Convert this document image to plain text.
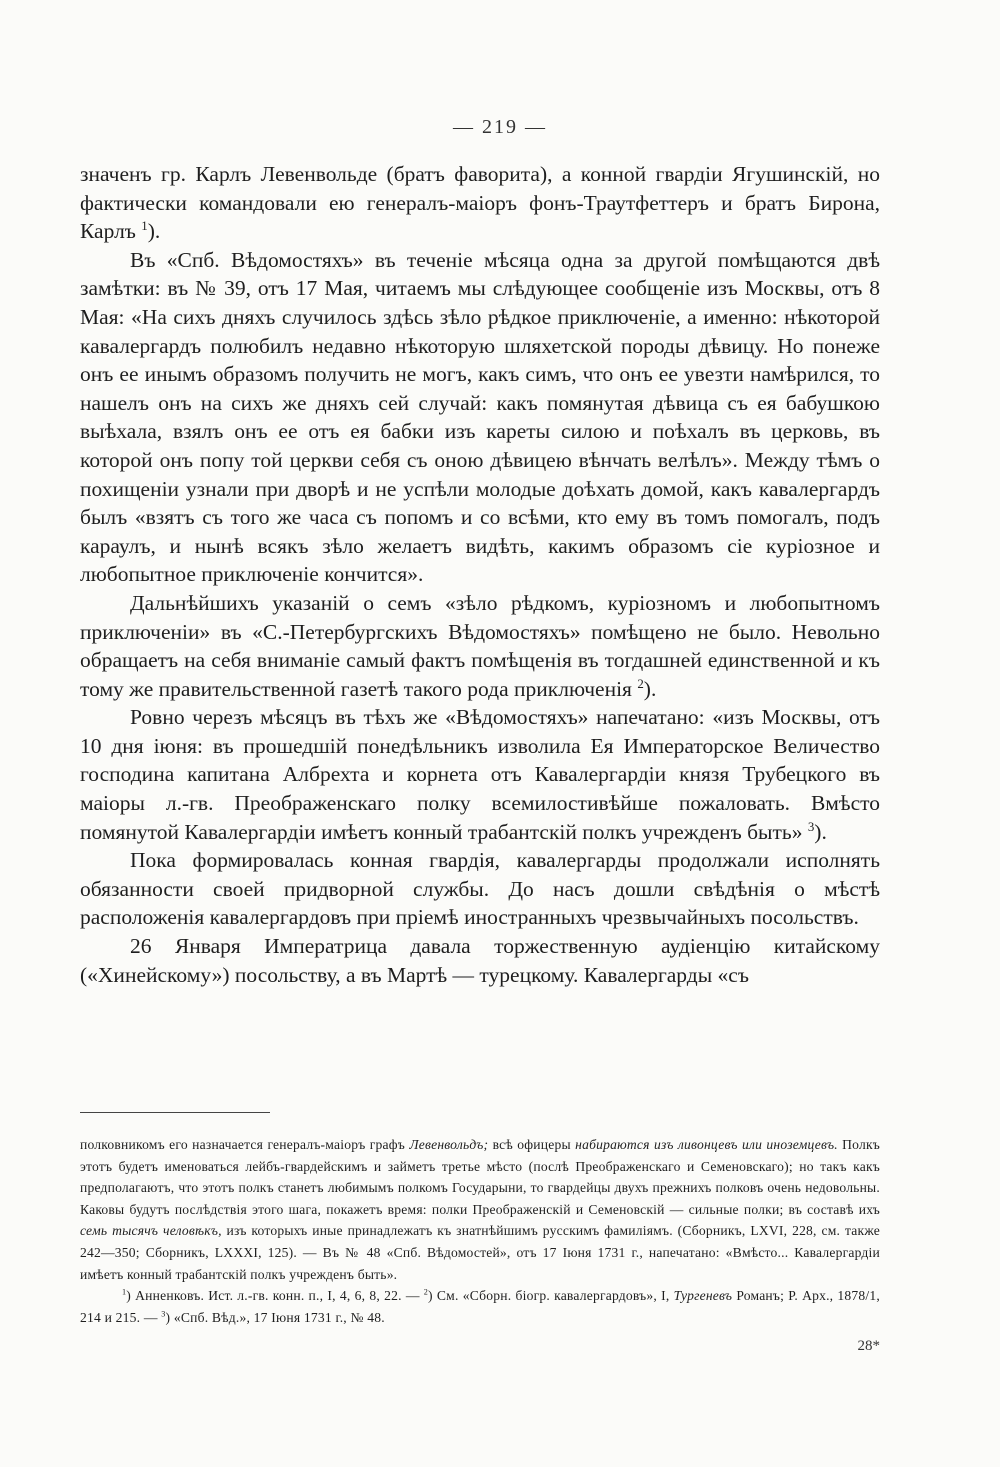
— 219 —

значенъ гр. Карлъ Левенвольде (братъ фаворита), а конной гвардiи Ягушинскiй, но фактически командовали ею генералъ-маiоръ фонъ-Траутфеттеръ и братъ Бирона, Карлъ $^1$).

Въ «Спб. Вѣдомостяхъ» въ теченiе мѣсяца одна за другой помѣщаются двѣ замѣтки: въ № 39, отъ 17 Мая, читаемъ мы слѣдующее сообщенiе изъ Москвы, отъ 8 Мая: «На сихъ дняхъ случилось здѣсь зѣло рѣдкое приключенiе, а именно: нѣкоторой кавалергардъ полюбилъ недавно нѣкоторую шляхетской породы дѣвицу. Но понеже онъ ее инымъ образомъ получить не могъ, какъ симъ, что онъ ее увезти намѣрился, то нашелъ онъ на сихъ же дняхъ сей случай: какъ помянутая дѣвица съ ея бабушкою выѣхала, взялъ онъ ее отъ ея бабки изъ кареты силою и поѣхалъ въ церковь, въ которой онъ попу той церкви себя съ оною дѣвицею вѣнчать велѣлъ». Между тѣмъ о похищенiи узнали при дворѣ и не успѣли молодые доѣхать домой, какъ кавалергардъ былъ «взятъ съ того же часа съ попомъ и со всѣми, кто ему въ томъ помогалъ, подъ караулъ, и нынѣ всякъ зѣло желаетъ видѣть, какимъ образомъ сiе курiозное и любопытное приключенiе кончится».

Дальнѣйшихъ указанiй о семъ «зѣло рѣдкомъ, курiозномъ и любопытномъ приключенiи» въ «С.-Петербургскихъ Вѣдомостяхъ» помѣщено не было. Невольно обращаетъ на себя вниманiе самый фактъ помѣщенiя въ тогдашней единственной и къ тому же правительственной газетѣ такого рода приключенiя $^2$).

Ровно черезъ мѣсяцъ въ тѣхъ же «Вѣдомостяхъ» напечатано: «изъ Москвы, отъ 10 дня iюня: въ прошедшiй понедѣльникъ изволила Ея Императорское Величество господина капитана Албрехта и корнета отъ Кавалергардiи князя Трубецкого въ маiоры л.-гв. Преображенскаго полку всемилостивѣйше пожаловать. Вмѣсто помянутой Кавалергардiи имѣетъ конный трабантскiй полкъ учрежденъ быть» $^3$).

Пока формировалась конная гвардiя, кавалергарды продолжали исполнять обязанности своей придворной службы. До насъ дошли свѣдѣнiя о мѣстѣ расположенiя кавалергардовъ при прiемѣ иностранныхъ чрезвычайныхъ посольствъ.

26 Января Императрица давала торжественную аудiенцiю китайскому («Хинейскому») посольству, а въ Мартѣ — турецкому. Кавалергарды «съ

полковникомъ его назначается генералъ-маiоръ графъ Левенвольдъ; всѣ офицеры набираются изъ ливонцевъ или иноземцевъ. Полкъ этотъ будетъ именоваться лейбъ-гвардейскимъ и займетъ третье мѣсто (послѣ Преображенскаго и Семеновскаго); но такъ какъ предполагаютъ, что этотъ полкъ станетъ любимымъ полкомъ Государыни, то гвардейцы двухъ прежнихъ полковъ очень недовольны. Каковы будутъ послѣдствiя этого шага, покажетъ время: полки Преображенскiй и Семеновскiй — сильные полки; въ составѣ ихъ семь тысячъ человѣкъ, изъ которыхъ иные принадлежатъ къ знатнѣйшимъ русскимъ фамилiямъ. (Сборникъ, LXVI, 228, см. также 242—350; Сборникъ, LXXXI, 125). — Въ № 48 «Спб. Вѣдомостей», отъ 17 Iюня 1731 г., напечатано: «Вмѣсто... Кавалергардiи имѣетъ конный трабантскiй полкъ учрежденъ быть».

$^1$) Анненковъ. Ист. л.-гв. конн. п., I, 4, 6, 8, 22. — $^2$) См. «Сборн. бiогр. кавалергардовъ», I, Тургеневъ Романъ; Р. Арх., 1878/1, 214 и 215. — $^3$) «Спб. Вѣд.», 17 Iюня 1731 г., № 48.

28*
